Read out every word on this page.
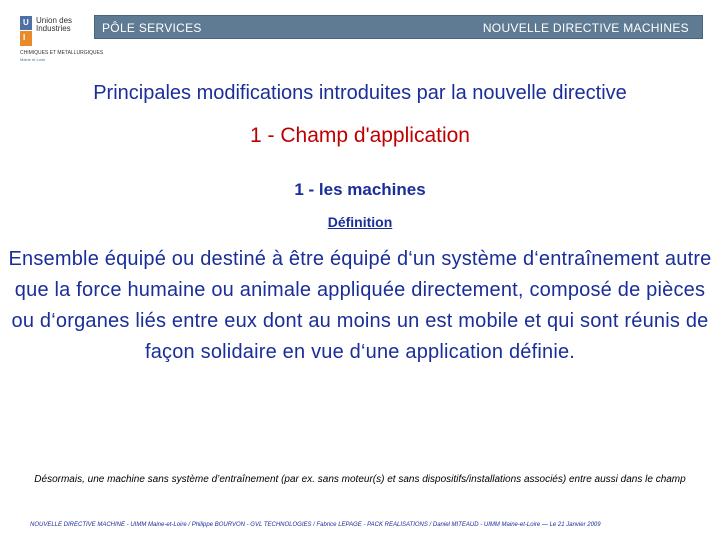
U
I
Union des Industries
CHIMIQUES ET METALLURGIQUES
Maine et Loire
PÔLE SERVICES	NOUVELLE DIRECTIVE MACHINES
Principales modifications introduites par la nouvelle directive
1 - Champ d'application
1 - les machines
Définition
Ensemble équipé ou destiné à être équipé d‘un système d‘entraînement autre que la force humaine ou animale appliquée directement, composé de pièces ou d‘organes liés entre eux dont au moins un est mobile et qui sont réunis de façon solidaire en vue d‘une application définie.
Désormais, une machine sans système d’entraînement (par ex. sans moteur(s) et sans dispositifs/installations associés) entre aussi dans le champ
NOUVELLE DIRECTIVE MACHINE - UIMM Maine-et-Loire / Philippe BOURVON - GVL TECHNOLOGIES / Fabrice LEPAGE - PACK REALISATIONS / Daniel MITEAUD - UIMM Maine-et-Loire — Le 21 Janvier 2009
